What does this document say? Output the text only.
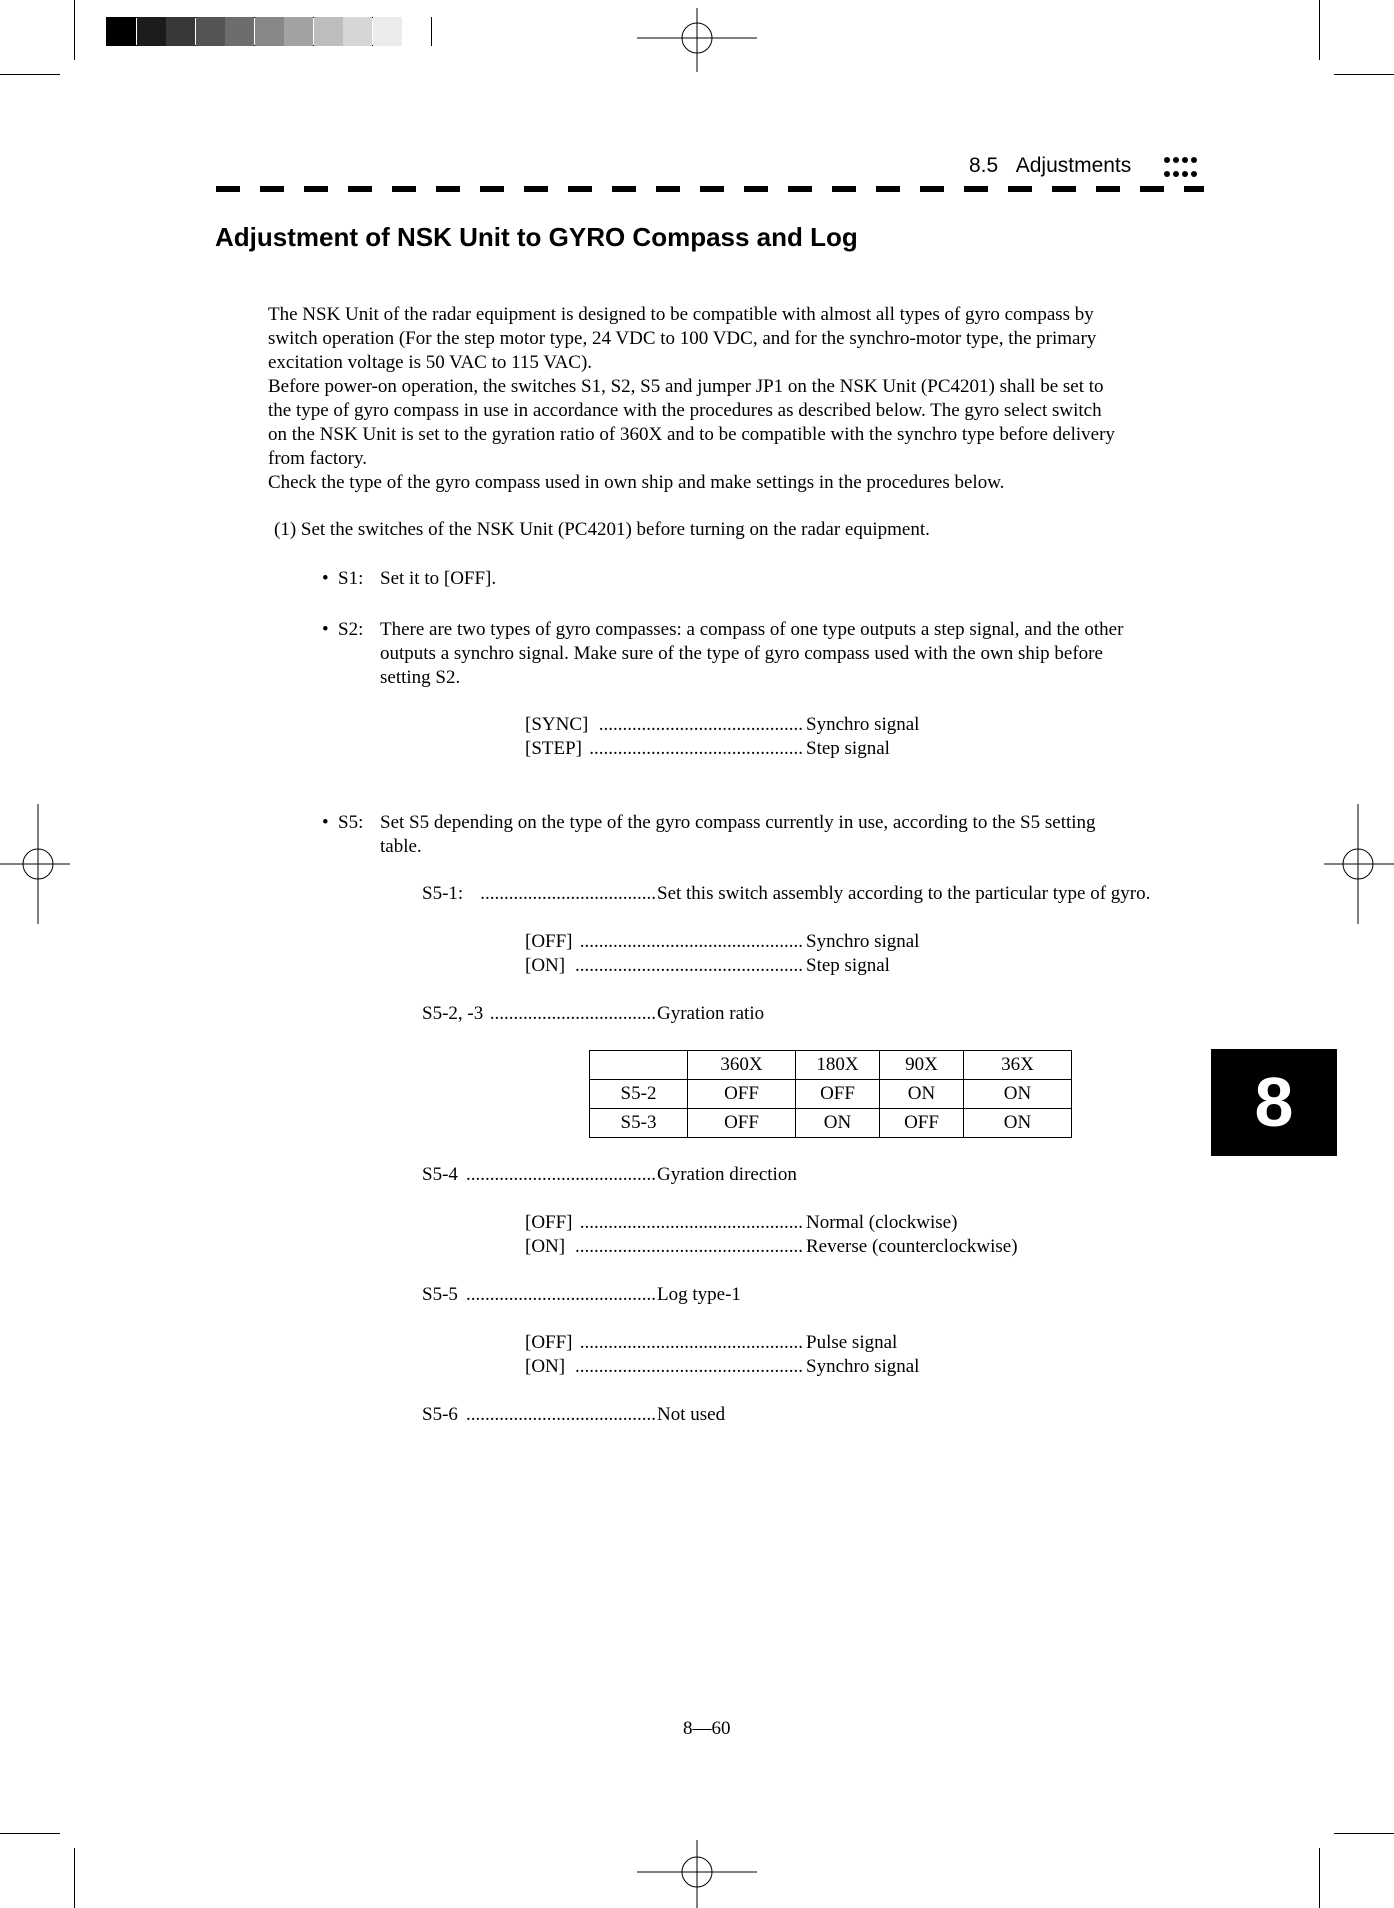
8.5 Adjustments
Adjustment of NSK Unit to GYRO Compass and Log
The NSK Unit of the radar equipment is designed to be compatible with almost all types of gyro compass by
switch operation (For the step motor type, 24 VDC to 100 VDC, and for the synchro-motor type, the primary
excitation voltage is 50 VAC to 115 VAC).
Before power-on operation, the switches S1, S2, S5 and jumper JP1 on the NSK Unit (PC4201) shall be set to
the type of gyro compass in use in accordance with the procedures as described below. The gyro select switch
on the NSK Unit is set to the gyration ratio of 360X and to be compatible with the synchro type before delivery
from factory.
Check the type of the gyro compass used in own ship and make settings in the procedures below.
(1) Set the switches of the NSK Unit (PC4201) before turning on the radar equipment.
• S1: Set it to [OFF].
• S2: There are two types of gyro compasses: a compass of one type outputs a step signal, and the other
outputs a synchro signal. Make sure of the type of gyro compass used with the own ship before
setting S2.
[SYNC] ........................................... Synchro signal
[STEP] ............................................. Step signal
• S5: Set S5 depending on the type of the gyro compass currently in use, according to the S5 setting
table.
S5-1: ..................................... Set this switch assembly according to the particular type of gyro.
[OFF] ............................................... Synchro signal
[ON] ................................................ Step signal
S5-2, -3 ................................... Gyration ratio
	360X	180X	90X	36X
S5-2	OFF	OFF	ON	ON
S5-3	OFF	ON	OFF	ON
S5-4 ........................................ Gyration direction
[OFF] ............................................... Normal (clockwise)
[ON] ................................................ Reverse (counterclockwise)
S5-5 ........................................ Log type-1
[OFF] ............................................... Pulse signal
[ON] ................................................ Synchro signal
S5-6 ........................................ Not used
8
8—60
